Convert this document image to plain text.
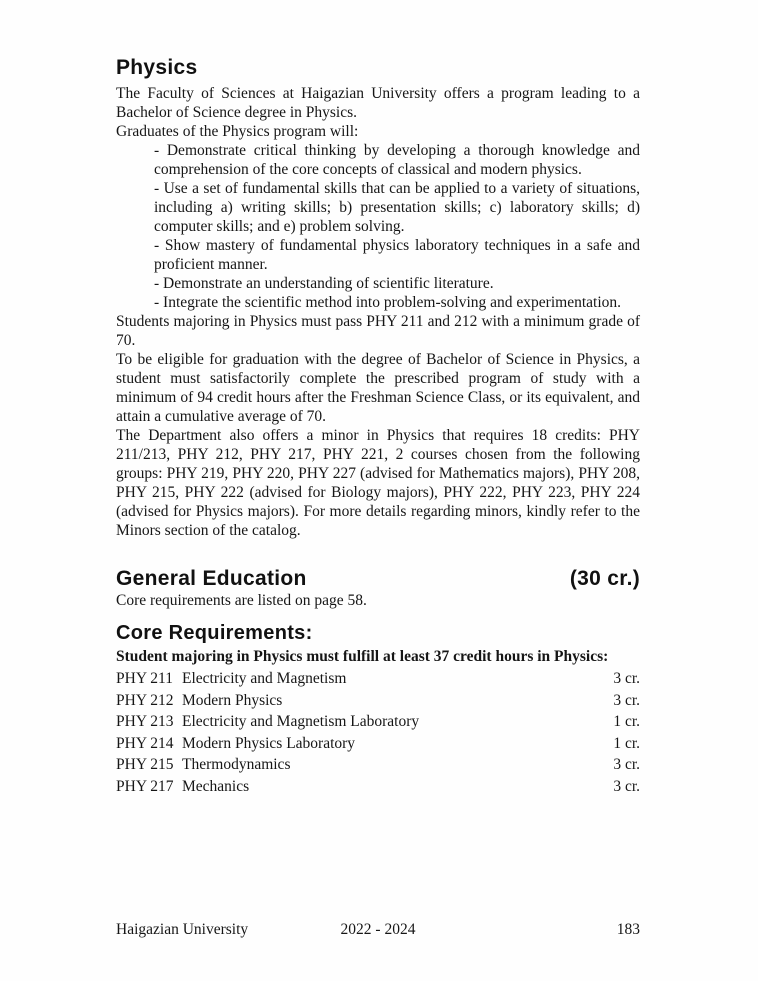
Physics

The Faculty of Sciences at Haigazian University offers a program leading to a Bachelor of Science degree in Physics.

Graduates of the Physics program will:

- Demonstrate critical thinking by developing a thorough knowledge and comprehension of the core concepts of classical and modern physics.

- Use a set of fundamental skills that can be applied to a variety of situations, including a) writing skills; b) presentation skills; c) laboratory skills; d) computer skills; and e) problem solving.

- Show mastery of fundamental physics laboratory techniques in a safe and proficient manner.

- Demonstrate an understanding of scientific literature.

- Integrate the scientific method into problem-solving and experimentation.

Students majoring in Physics must pass PHY 211 and 212 with a minimum grade of 70.

To be eligible for graduation with the degree of Bachelor of Science in Physics, a student must satisfactorily complete the prescribed program of study with a minimum of 94 credit hours after the Freshman Science Class, or its equivalent, and attain a cumulative average of 70.

The Department also offers a minor in Physics that requires 18 credits: PHY 211/213, PHY 212, PHY 217, PHY 221, 2 courses chosen from the following groups: PHY 219, PHY 220, PHY 227 (advised for Mathematics majors), PHY 208, PHY 215, PHY 222 (advised for Biology majors), PHY 222, PHY 223, PHY 224 (advised for Physics majors). For more details regarding minors, kindly refer to the Minors section of the catalog.

General Education	(30 cr.)

Core requirements are listed on page 58.

Core Requirements:

Student majoring in Physics must fulfill at least 37 credit hours in Physics:

PHY 211 Electricity and Magnetism	3 cr.
PHY 212 Modern Physics	3 cr.
PHY 213 Electricity and Magnetism Laboratory	1 cr.
PHY 214 Modern Physics Laboratory	1 cr.
PHY 215 Thermodynamics	3 cr.
PHY 217 Mechanics	3 cr.
Haigazian University	2022 - 2024	183
